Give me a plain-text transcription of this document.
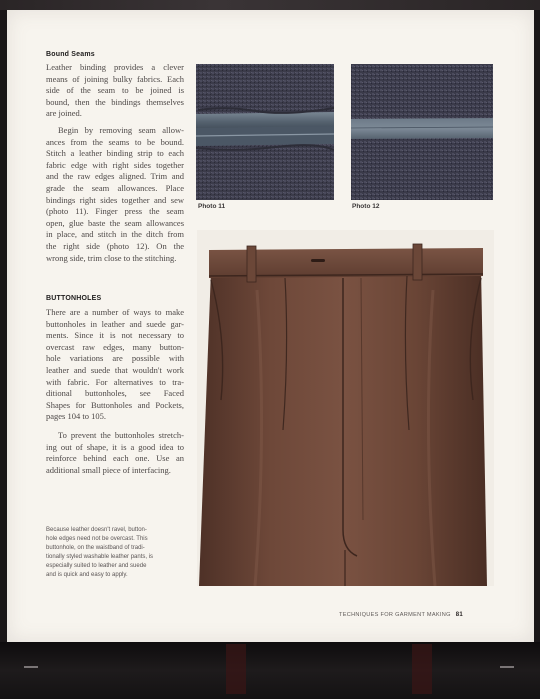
Bound Seams
Leather binding provides a clever
means of joining bulky fabrics. Each
side of the seam to be joined is
bound, then the bindings themselves
are joined.
Begin by removing seam allow-
ances from the seams to be bound.
Stitch a leather binding strip to each
fabric edge with right sides together
and the raw edges aligned. Trim and
grade the seam allowances. Place
bindings right sides together and sew
(photo 11). Finger press the seam
open, glue baste the seam allowances
in place, and stitch in the ditch from
the right side (photo 12). On the
wrong side, trim close to the stitching.
BUTTONHOLES
There are a number of ways to make
buttonholes in leather and suede gar-
ments. Since it is not necessary to
overcast raw edges, many button-
hole variations are possible with
leather and suede that wouldn't work
with fabric. For alternatives to tra-
ditional buttonholes, see Faced
Shapes for Buttonholes and Pockets,
pages 104 to 105.
To prevent the buttonholes stretch-
ing out of shape, it is a good idea to
reinforce behind each one. Use an
additional small piece of interfacing.
Because leather doesn't ravel, button-
hole edges need not be overcast. This
buttonhole, on the waistband of tradi-
tionally styled washable leather pants, is
especially suited to leather and suede
and is quick and easy to apply.
Photo 11	Photo 12
TECHNIQUES FOR GARMENT MAKING 81
